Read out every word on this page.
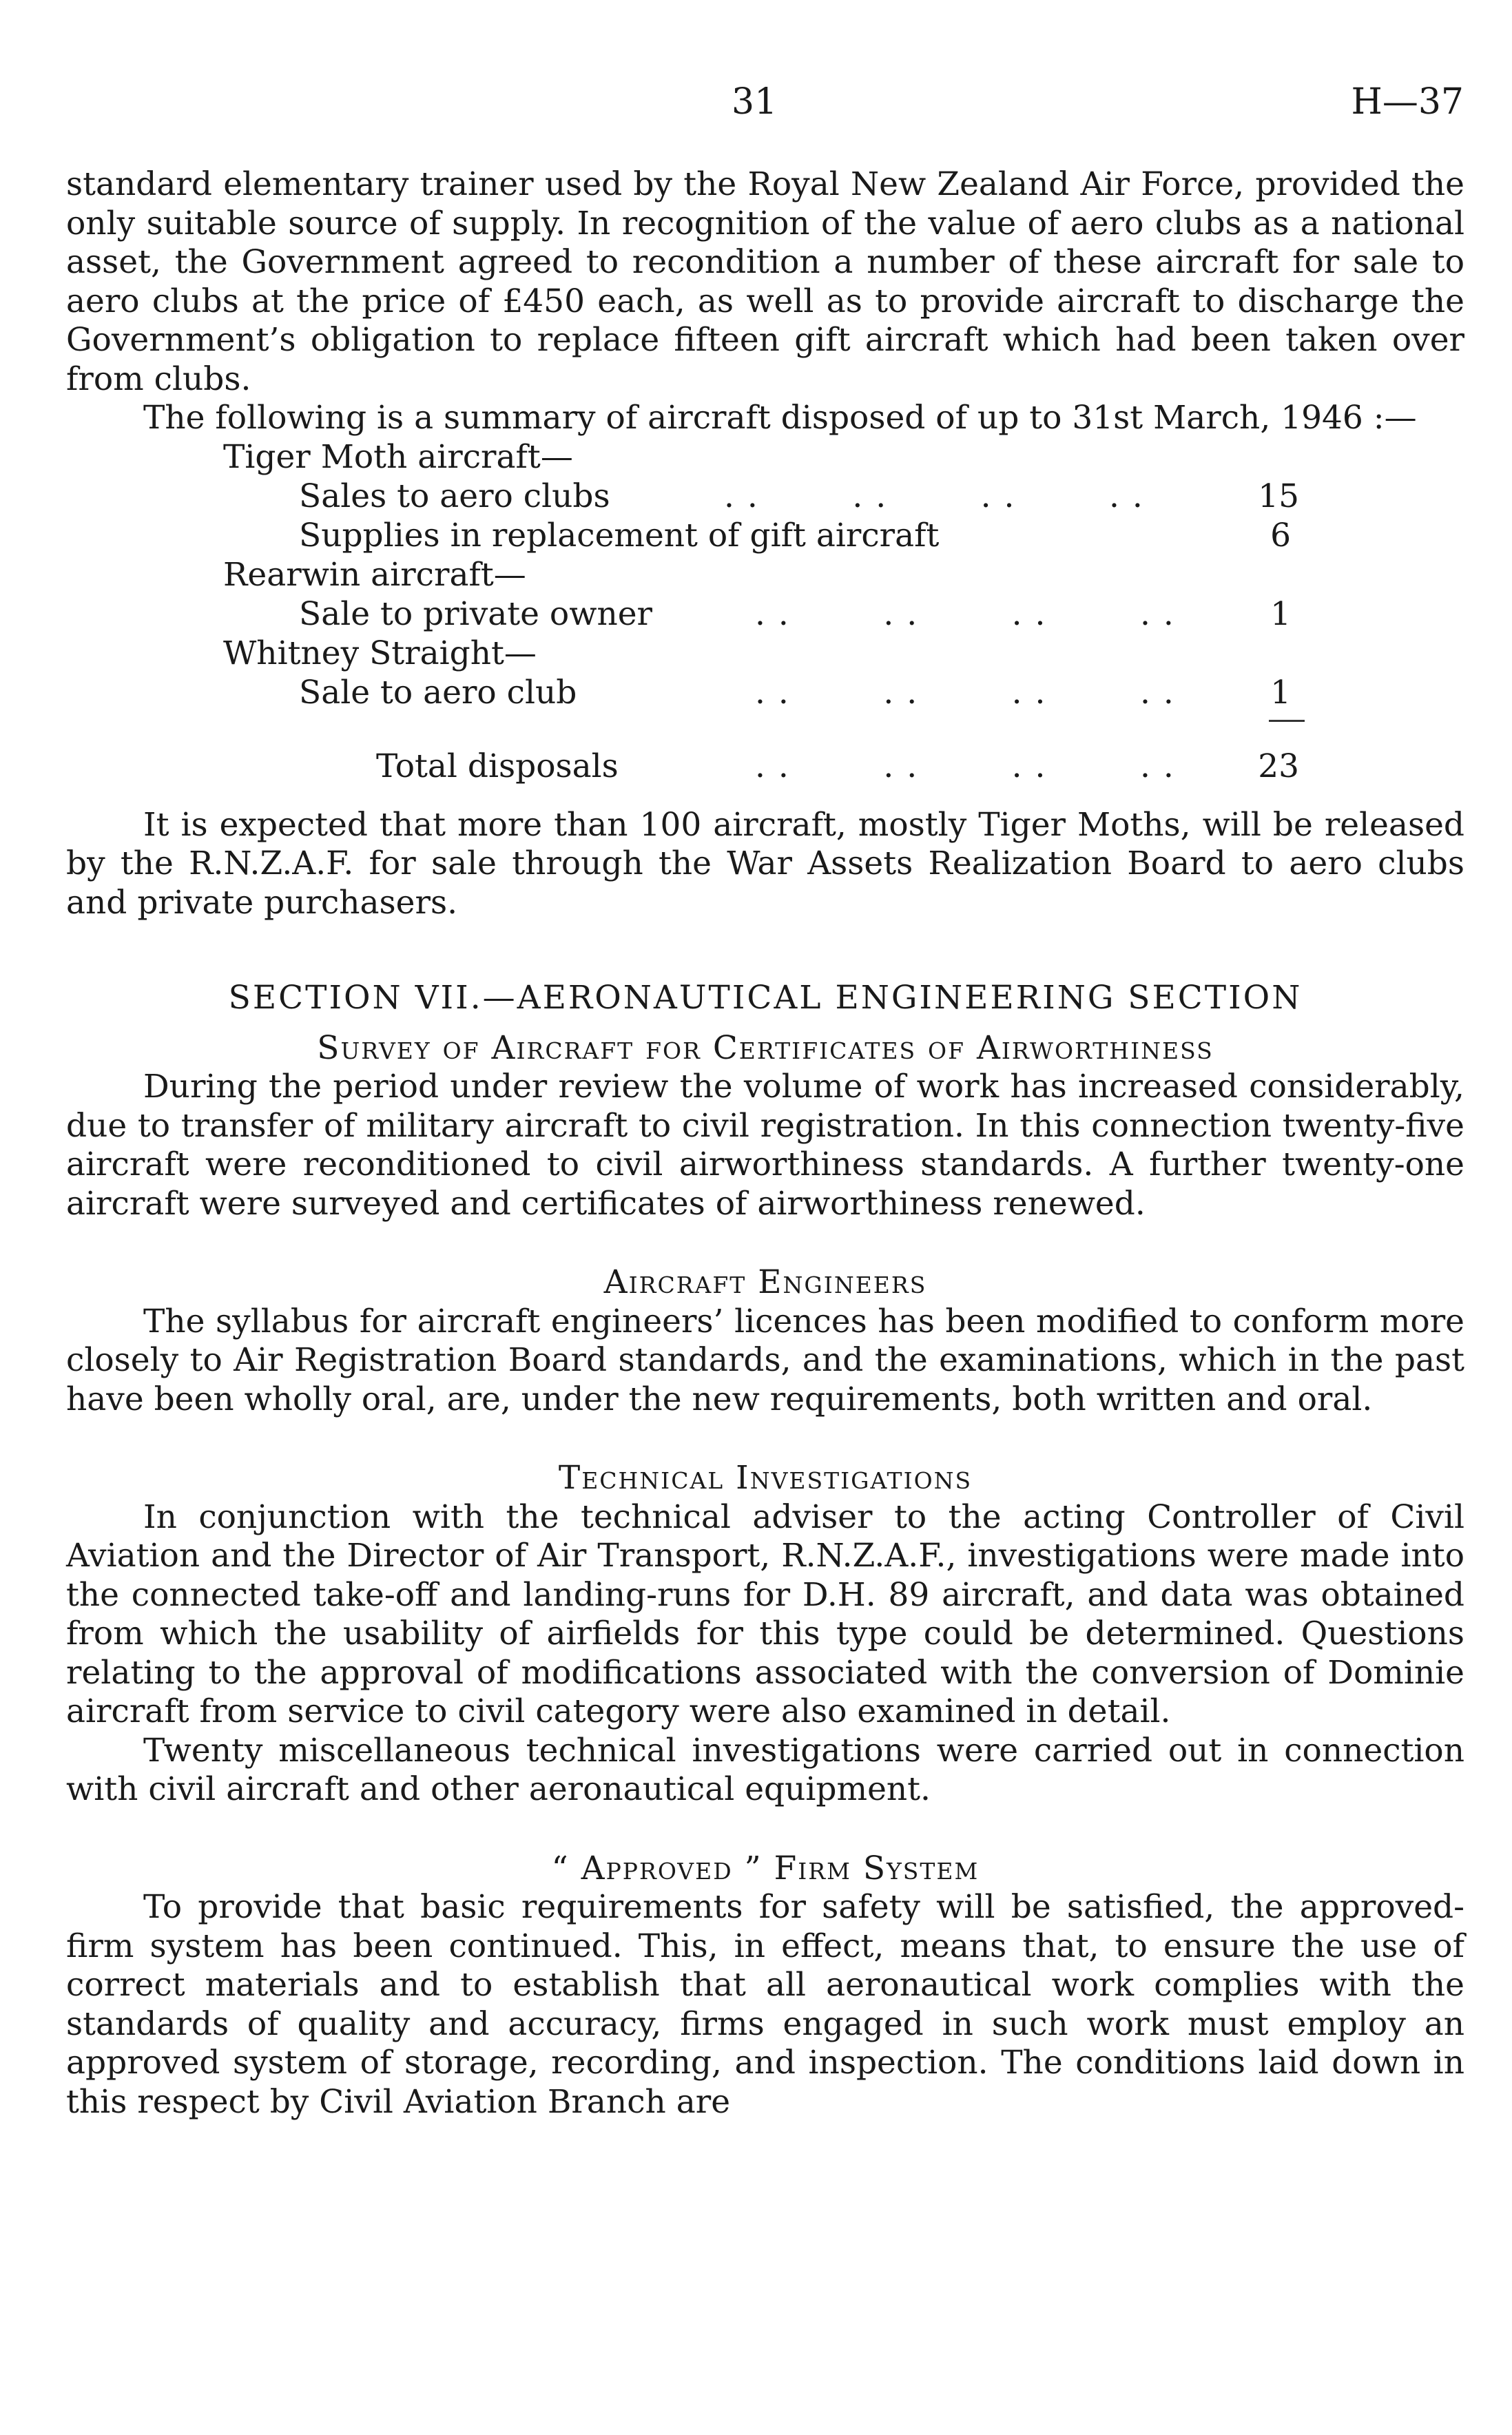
31	H—37

standard elementary trainer used by the Royal New Zealand Air Force, provided the only suitable source of supply. In recognition of the value of aero clubs as a national asset, the Government agreed to recondition a number of these aircraft for sale to aero clubs at the price of £450 each, as well as to provide aircraft to discharge the Government’s obligation to replace fifteen gift aircraft which had been taken over from clubs.

The following is a summary of aircraft disposed of up to 31st March, 1946 :—

Tiger Moth aircraft—
Sales to aero clubs	. .        . .        . .        . .	15
Supplies in replacement of gift aircraft	6
Rearwin aircraft—
Sale to private owner	. .        . .        . .        . .	1
Whitney Straight—
Sale to aero club	. .        . .        . .        . .	1
Total disposals	. .        . .        . .        . .	23

It is expected that more than 100 aircraft, mostly Tiger Moths, will be released by the R.N.Z.A.F. for sale through the War Assets Realization Board to aero clubs and private purchasers.

SECTION VII.—AERONAUTICAL ENGINEERING SECTION

Survey of Aircraft for Certificates of Airworthiness

During the period under review the volume of work has increased considerably, due to transfer of military aircraft to civil registration. In this connection twenty-five aircraft were reconditioned to civil airworthiness standards. A further twenty-one aircraft were surveyed and certificates of airworthiness renewed.

Aircraft Engineers

The syllabus for aircraft engineers’ licences has been modified to conform more closely to Air Registration Board standards, and the examinations, which in the past have been wholly oral, are, under the new requirements, both written and oral.

Technical Investigations

In conjunction with the technical adviser to the acting Controller of Civil Aviation and the Director of Air Transport, R.N.Z.A.F., investigations were made into the connected take-off and landing-runs for D.H. 89 aircraft, and data was obtained from which the usability of airfields for this type could be determined. Questions relating to the approval of modifications associated with the conversion of Dominie aircraft from service to civil category were also examined in detail.

Twenty miscellaneous technical investigations were carried out in connection with civil aircraft and other aeronautical equipment.

“ Approved ” Firm System

To provide that basic requirements for safety will be satisfied, the approved-firm system has been continued. This, in effect, means that, to ensure the use of correct materials and to establish that all aeronautical work complies with the standards of quality and accuracy, firms engaged in such work must employ an approved system of storage, recording, and inspection. The conditions laid down in this respect by Civil Aviation Branch are
